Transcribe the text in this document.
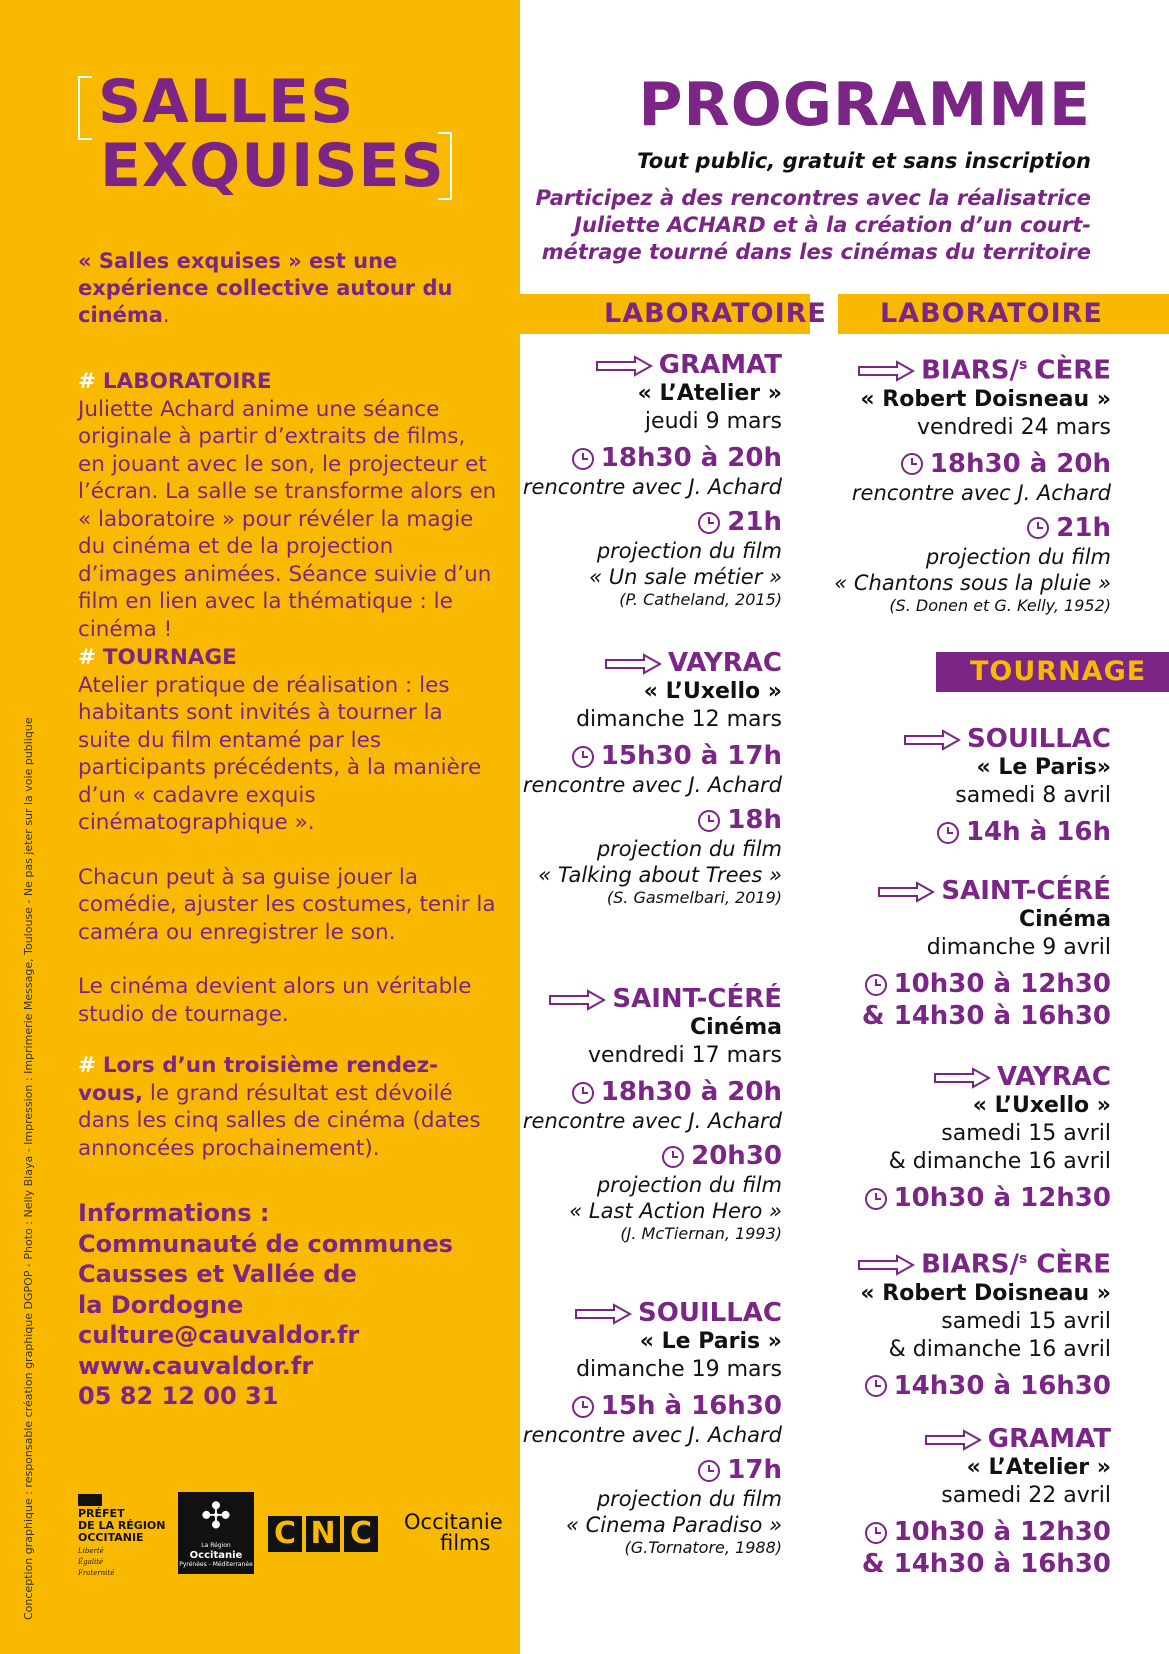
SALLES
EXQUISES
« Salles exquises » est une expérience collective autour du cinéma.

# LABORATOIRE

Juliette Achard anime une séance originale à partir d’extraits de films, en jouant avec le son, le projecteur et l’écran. La salle se transforme alors en « laboratoire » pour révéler la magie du cinéma et de la projection d’images animées. Séance suivie d’un film en lien avec la thématique : le cinéma !

# TOURNAGE

Atelier pratique de réalisation : les habitants sont invités à tourner la suite du film entamé par les participants précédents, à la manière d’un « cadavre exquis cinématographique ».

Chacun peut à sa guise jouer la comédie, ajuster les costumes, tenir la caméra ou enregistrer le son.

Le cinéma devient alors un véritable studio de tournage.

# Lors d’un troisième rendez-vous, le grand résultat est dévoilé dans les cinq salles de cinéma (dates annoncées prochainement).

Informations :
Communauté de communes
Causses et Vallée de
la Dordogne
culture@cauvaldor.fr
www.cauvaldor.fr
05 82 12 00 31
Conception graphique : responsable création graphique DGPOP - Photo : Nelly Blaya - Impression : Imprimerie Message, Toulouse - Ne pas jeter sur la voie publique	PRÉFET
DE LA RÉGION
OCCITANIE
Liberté
Égalité
Fraternité
✣
La Région
Occitanie
Pyrénées - Méditerranée
C N C Occitanie
films
PROGRAMME
Tout public, gratuit et sans inscription
Participez à des rencontres avec la réalisatrice Juliette ACHARD et à la création d’un court-métrage tourné dans les cinémas du territoire
LABORATOIRE	LABORATOIRE
TOURNAGE
GRAMAT
« L’Atelier »
jeudi 9 mars
18h30 à 20h
rencontre avec J. Achard
21h
projection du film
« Un sale métier »
(P. Catheland, 2015)
VAYRAC
« L’Uxello »
dimanche 12 mars
15h30 à 17h
rencontre avec J. Achard
18h
projection du film
« Talking about Trees »
(S. Gasmelbari, 2019)
SAINT-CÉRÉ
Cinéma
vendredi 17 mars
18h30 à 20h
rencontre avec J. Achard
20h30
projection du film
« Last Action Hero »
(J. McTiernan, 1993)
SOUILLAC
« Le Paris »
dimanche 19 mars
15h à 16h30
rencontre avec J. Achard
17h
projection du film
« Cinema Paradiso »
(G.Tornatore, 1988)
BIARS/$^s$ CÈRE
« Robert Doisneau »
vendredi 24 mars
18h30 à 20h
rencontre avec J. Achard
21h
projection du film
« Chantons sous la pluie »
(S. Donen et G. Kelly, 1952)
SOUILLAC
« Le Paris»
samedi 8 avril
14h à 16h
SAINT-CÉRÉ
Cinéma
dimanche 9 avril
10h30 à 12h30
& 14h30 à 16h30
VAYRAC
« L’Uxello »
samedi 15 avril
& dimanche 16 avril
10h30 à 12h30
BIARS/$^s$ CÈRE
« Robert Doisneau »
samedi 15 avril
& dimanche 16 avril
14h30 à 16h30
GRAMAT
« L’Atelier »
samedi 22 avril
10h30 à 12h30
& 14h30 à 16h30
